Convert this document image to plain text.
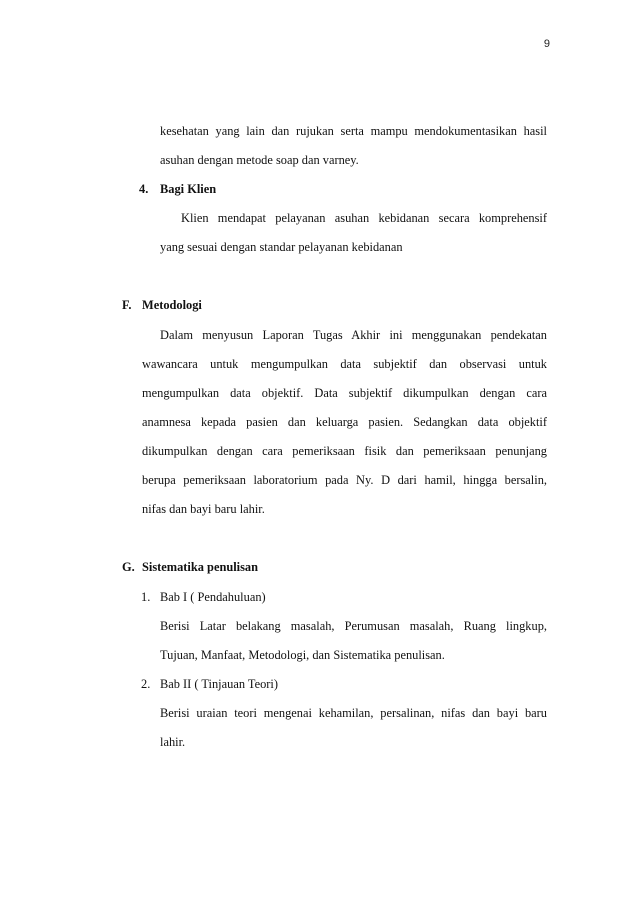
9
kesehatan yang lain dan rujukan serta mampu mendokumentasikan hasil
asuhan dengan metode soap dan varney.
4. Bagi Klien
Klien mendapat pelayanan asuhan kebidanan secara komprehensif
yang sesuai dengan standar pelayanan kebidanan
F. Metodologi
Dalam menyusun Laporan Tugas Akhir ini menggunakan pendekatan
wawancara untuk mengumpulkan data subjektif dan observasi untuk
mengumpulkan data objektif. Data subjektif dikumpulkan dengan cara
anamnesa kepada pasien dan keluarga pasien. Sedangkan data objektif
dikumpulkan dengan cara pemeriksaan fisik dan pemeriksaan penunjang
berupa pemeriksaan laboratorium pada Ny. D dari hamil, hingga bersalin,
nifas dan bayi baru lahir.
G. Sistematika penulisan
1. Bab I ( Pendahuluan)
Berisi Latar belakang masalah, Perumusan masalah, Ruang lingkup,
Tujuan, Manfaat, Metodologi, dan Sistematika penulisan.
2. Bab II ( Tinjauan Teori)
Berisi uraian teori mengenai kehamilan, persalinan, nifas dan bayi baru
lahir.
